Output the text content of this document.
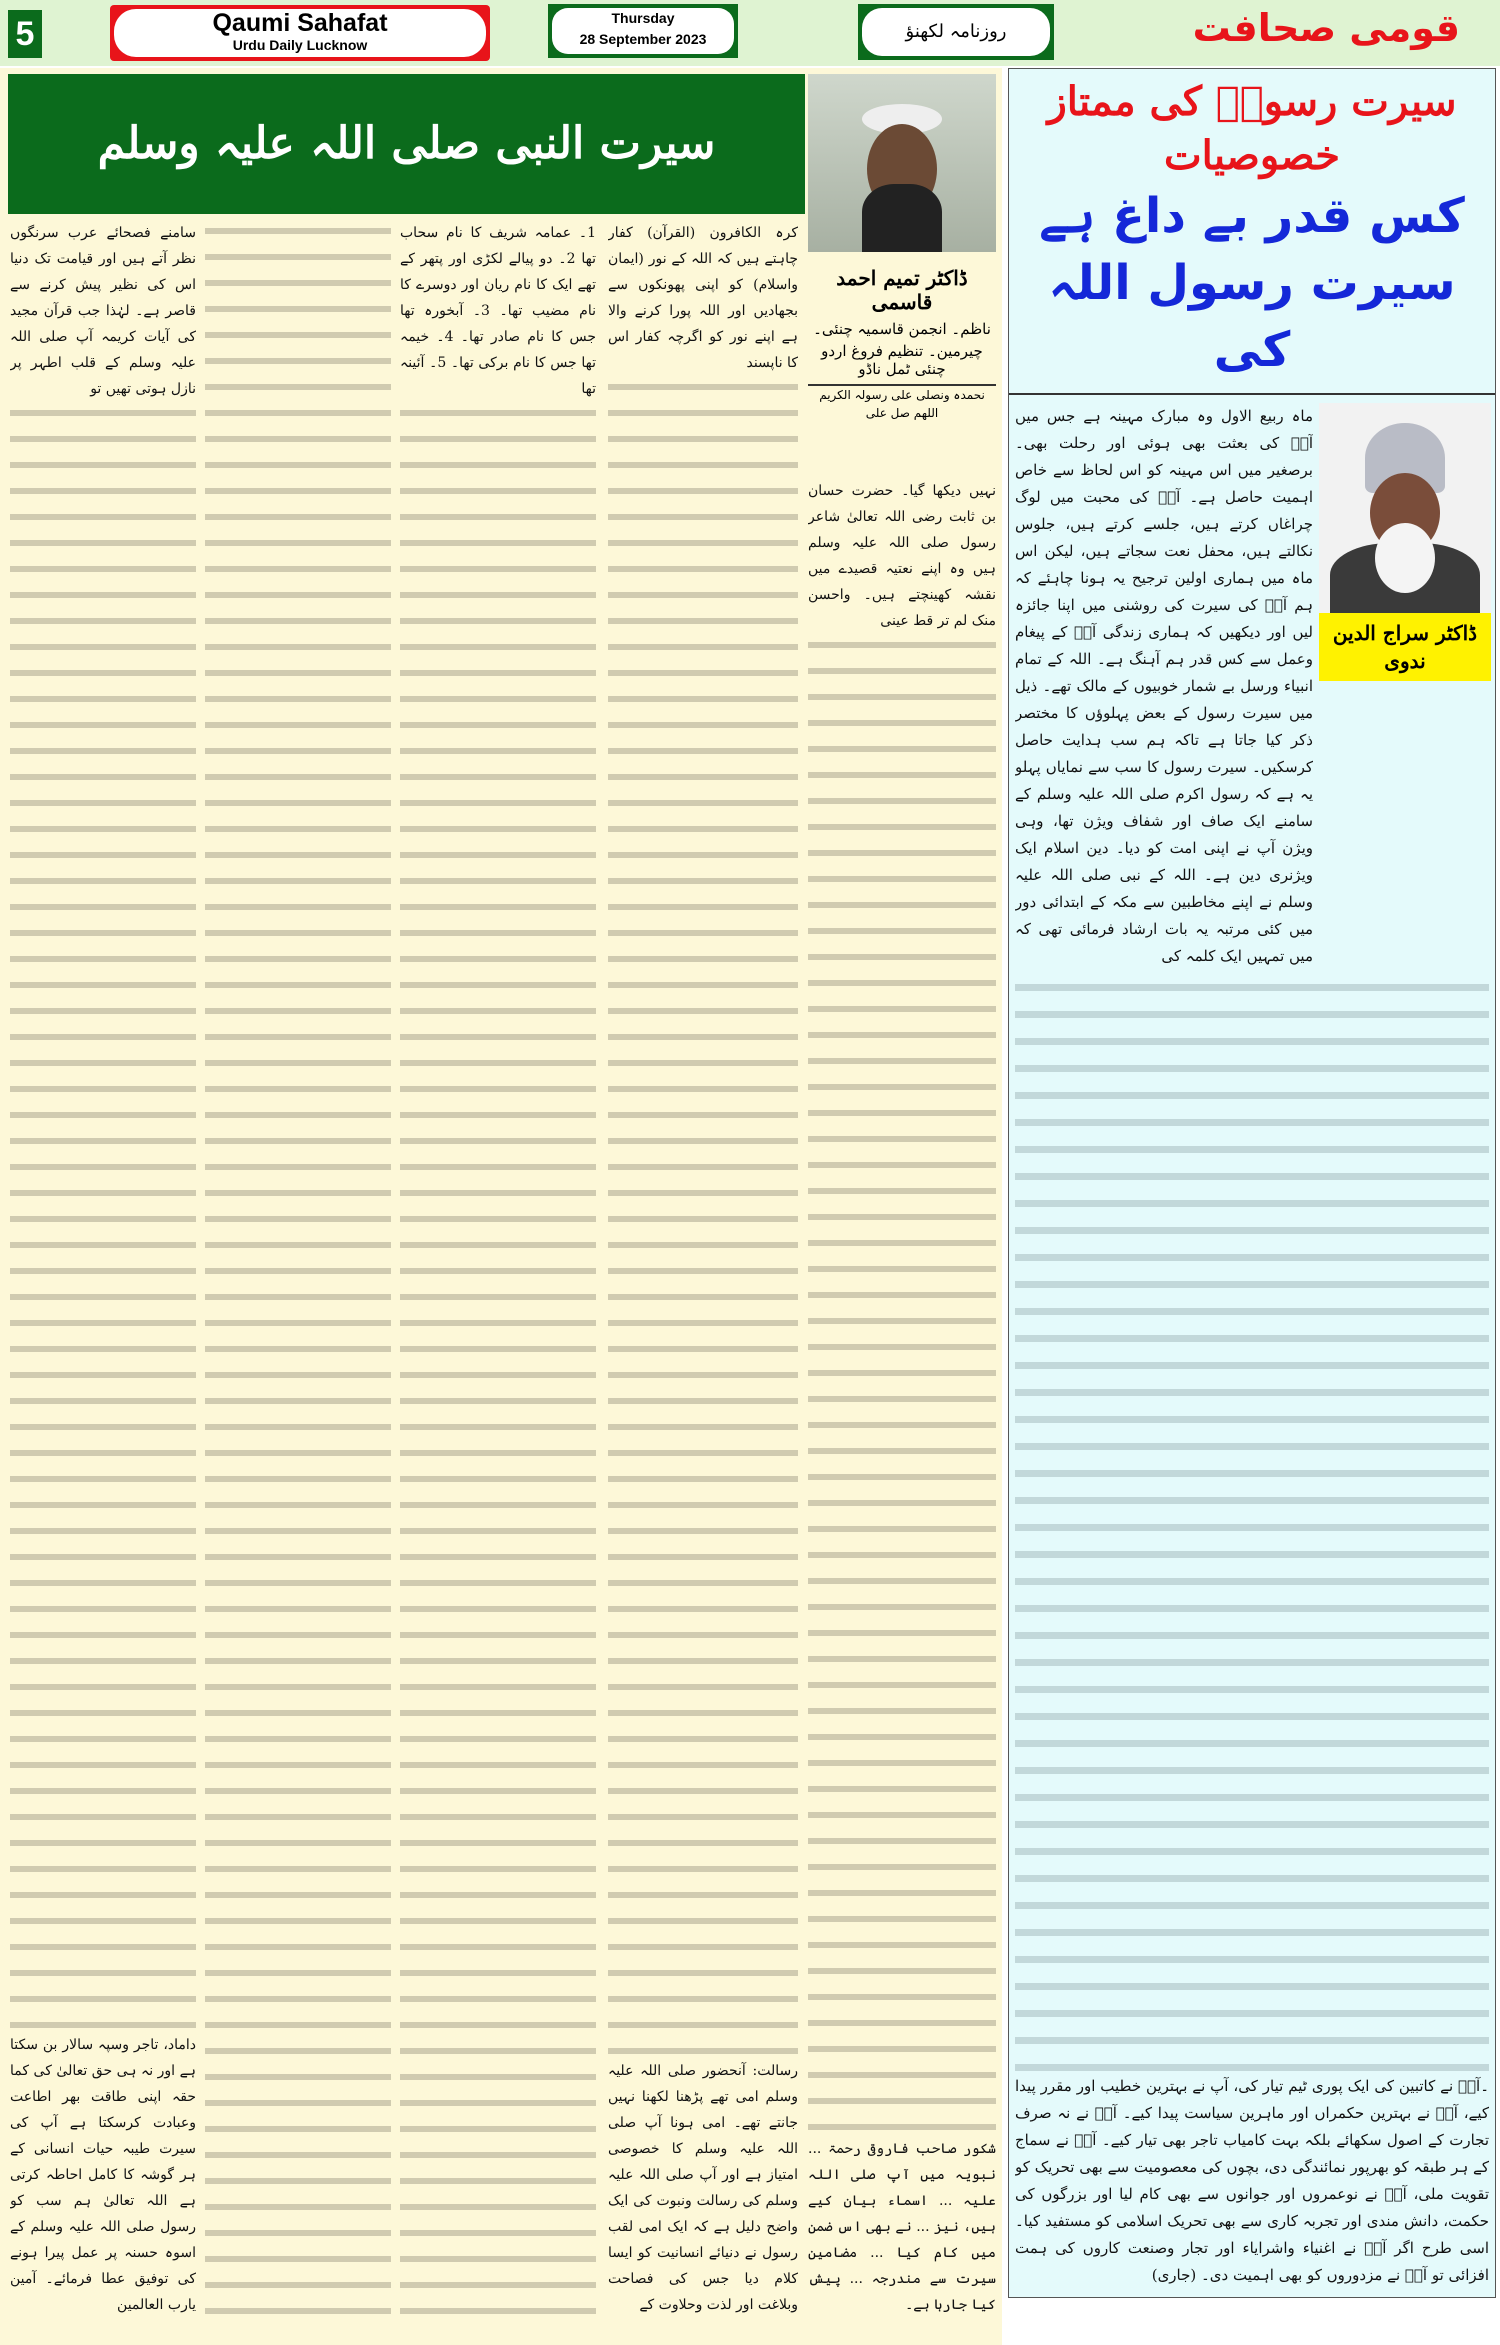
5	Qaumi Sahafat
Urdu Daily Lucknow
Thursday
28 September 2023	روزنامہ لکھنؤ	قومی صحافت
سیرت النبی صلی اللہ علیہ وسلم
ڈاکٹر تمیم احمد قاسمی
ناظم۔ انجمن قاسمیہ چنئی۔
چیرمین۔ تنظیم فروغ اردو چنئی ٹمل ناڈو
نحمدہ ونصلی علی رسولہ الکریم اللھم صل علی

نہیں دیکھا گیا۔ حضرت حسان بن ثابت رضی اللہ تعالیٰ شاعر رسول صلی اللہ علیہ وسلم ہیں وہ اپنے نعتیہ قصیدے میں نقشہ کھینچتے ہیں۔ واحسن منک لم تر قط عینی

شکور صاحب فاروقی رحمۃ ... نبویہ میں آپ صلی اللہ علیہ ... اسماء بیان کیے ہیں، نیز ... نے بھی اس ضمن میں کام کیا ... مضامین سیرت سے مندرجہ ... پیش کیا جارہا ہے۔

کرہ الکافرون (القرآن) کفار چاہتے ہیں کہ اللہ کے نور (ایمان واسلام) کو اپنی پھونکوں سے بجھادیں اور اللہ پورا کرنے والا ہے اپنے نور کو اگرچہ کفار اس کا ناپسند

رسالت: آنحضور صلی اللہ علیہ وسلم امی تھے پڑھنا لکھنا نہیں جانتے تھے۔ امی ہونا آپ صلی اللہ علیہ وسلم کا خصوصی امتیاز ہے اور آپ صلی اللہ علیہ وسلم کی رسالت ونبوت کی ایک واضح دلیل ہے کہ ایک امی لقب رسول نے دنیائے انسانیت کو ایسا کلام دیا جس کی فصاحت وبلاغت اور لذت وحلاوت کے

1۔ عمامہ شریف کا نام سحاب تھا 2۔ دو پیالے لکڑی اور پتھر کے تھے ایک کا نام ریان اور دوسرے کا نام مضیب تھا۔ 3۔ آبخورہ تھا جس کا نام صادر تھا۔ 4۔ خیمہ تھا جس کا نام برکی تھا۔ 5۔ آئینہ تھا

سامنے فصحائے عرب سرنگوں نظر آتے ہیں اور قیامت تک دنیا اس کی نظیر پیش کرنے سے قاصر ہے۔ لہٰذا جب قرآن مجید کی آیات کریمہ آپ صلی اللہ علیہ وسلم کے قلب اطہر پر نازل ہوتی تھیں تو

داماد، تاجر وسپہ سالار بن سکتا ہے اور نہ ہی حق تعالیٰ کی کما حقہ اپنی طاقت بھر اطاعت وعبادت کرسکتا ہے آپ کی سیرت طیبہ حیات انسانی کے ہر گوشہ کا کامل احاطہ کرتی ہے اللہ تعالیٰ ہم سب کو رسول صلی اللہ علیہ وسلم کے اسوہ حسنہ پر عمل پیرا ہونے کی توفیق عطا فرمائے۔ آمین یارب العالمین

سیرت رسولؐ کی ممتاز خصوصیات
کس قدر بے داغ ہے
سیرت رسول اللہ کی
ڈاکٹر سراج الدین ندوی

ماہ ربیع الاول وہ مبارک مہینہ ہے جس میں آپؐ کی بعثت بھی ہوئی اور رحلت بھی۔ برصغیر میں اس مہینہ کو اس لحاظ سے خاص اہمیت حاصل ہے۔ آپؐ کی محبت میں لوگ چراغاں کرتے ہیں، جلسے کرتے ہیں، جلوس نکالتے ہیں، محفل نعت سجاتے ہیں، لیکن اس ماہ میں ہماری اولین ترجیح یہ ہونا چاہئے کہ ہم آپؐ کی سیرت کی روشنی میں اپنا جائزہ لیں اور دیکھیں کہ ہماری زندگی آپؐ کے پیغام وعمل سے کس قدر ہم آہنگ ہے۔ اللہ کے تمام انبیاء ورسل بے شمار خوبیوں کے مالک تھے۔ ذیل میں سیرت رسول کے بعض پہلوؤں کا مختصر ذکر کیا جاتا ہے تاکہ ہم سب ہدایت حاصل کرسکیں۔ سیرت رسول کا سب سے نمایاں پہلو یہ ہے کہ رسول اکرم صلی اللہ علیہ وسلم کے سامنے ایک صاف اور شفاف ویژن تھا، وہی ویژن آپ نے اپنی امت کو دیا۔ دین اسلام ایک ویژنری دین ہے۔ اللہ کے نبی صلی اللہ علیہ وسلم نے اپنے مخاطبین سے مکہ کے ابتدائی دور میں کئی مرتبہ یہ بات ارشاد فرمائی تھی کہ میں تمہیں ایک کلمہ کی

۔آپؐ نے کاتبین کی ایک پوری ٹیم تیار کی، آپ نے بہترین خطیب اور مقرر پیدا کیے، آپؐ نے بہترین حکمراں اور ماہرین سیاست پیدا کیے۔ آپؐ نے نہ صرف تجارت کے اصول سکھائے بلکہ بہت کامیاب تاجر بھی تیار کیے۔ آپؐ نے سماج کے ہر طبقہ کو بھرپور نمائندگی دی، بچوں کی معصومیت سے بھی تحریک کو تقویت ملی، آپؐ نے نوعمروں اور جوانوں سے بھی کام لیا اور بزرگوں کی حکمت، دانش مندی اور تجربہ کاری سے بھی تحریک اسلامی کو مستفید کیا۔ اسی طرح اگر آپؐ نے اغنیاء واشرایاء اور تجار وصنعت کاروں کی ہمت افزائی تو آپؐ نے مزدوروں کو بھی اہمیت دی۔ (جاری)
